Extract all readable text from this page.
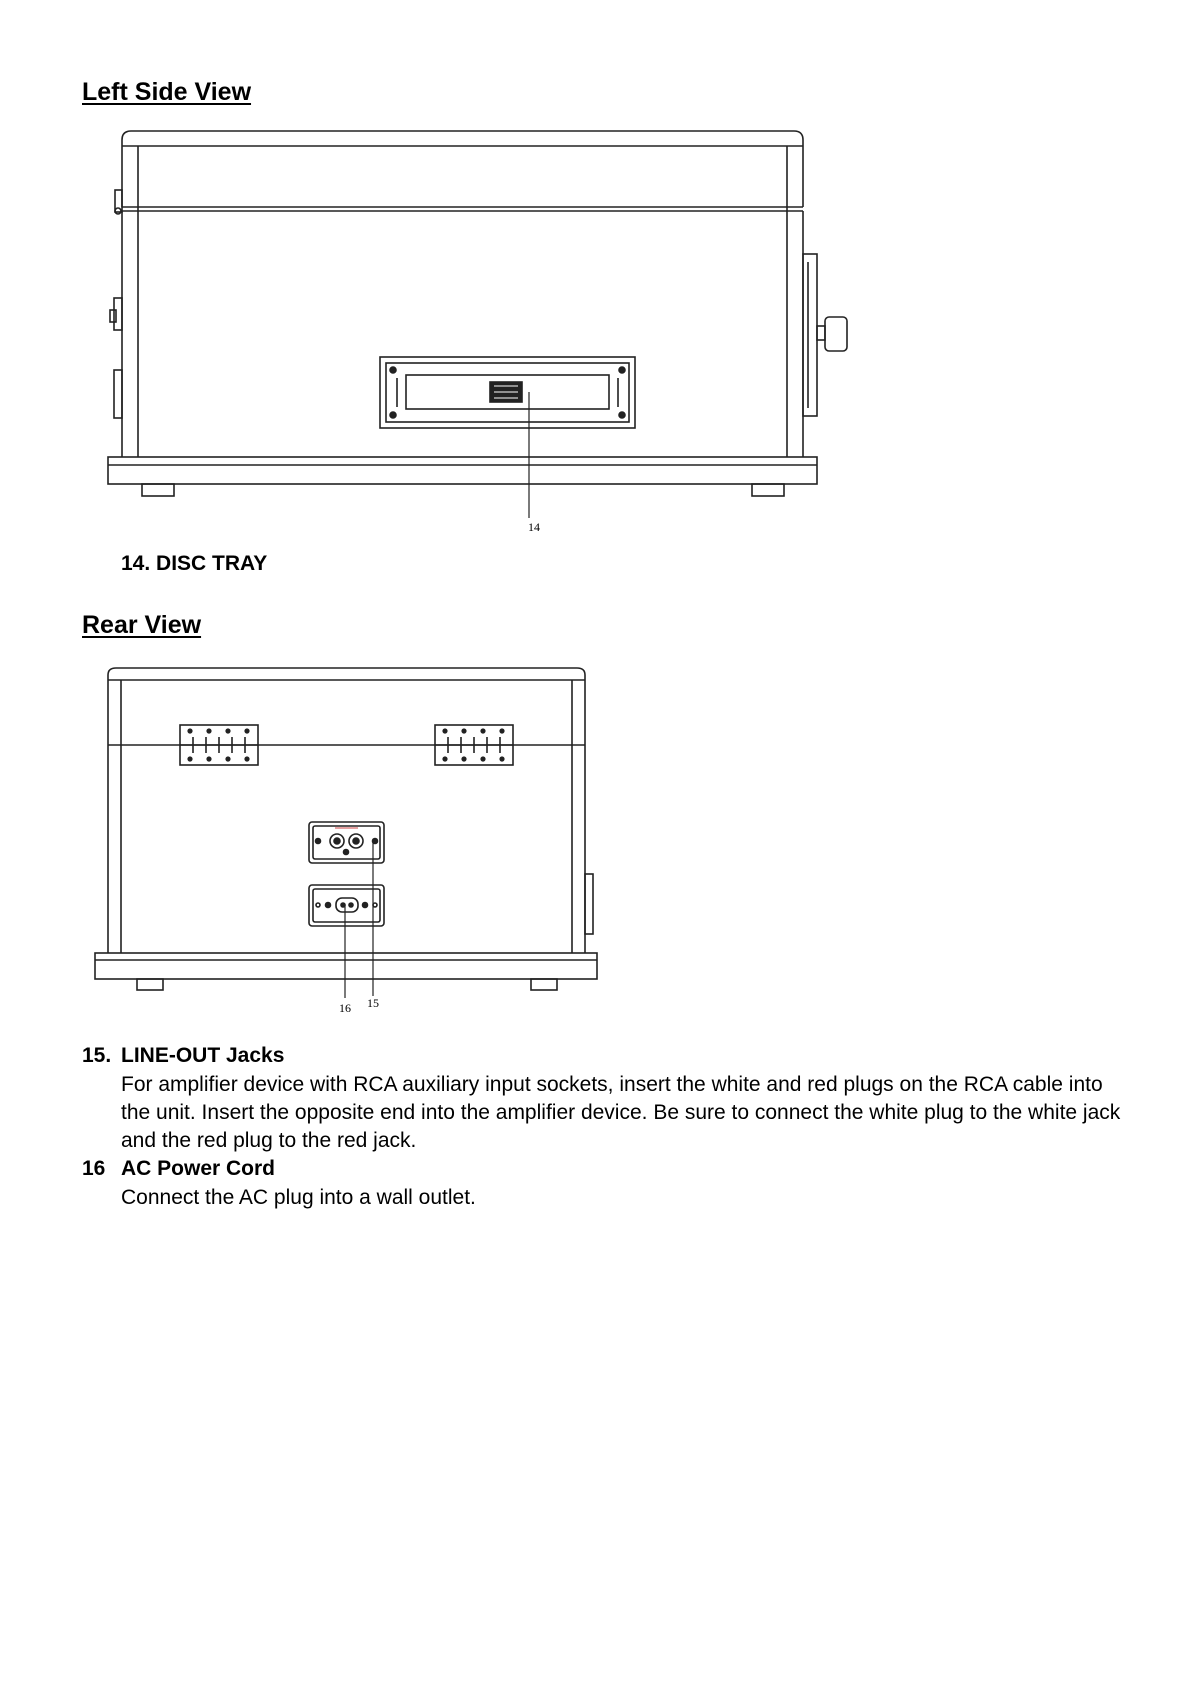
Left Side View
14
14. DISC TRAY
Rear View
16 15
15. LINE-OUT Jacks
For amplifier device with RCA auxiliary input sockets, insert the white and red plugs on the RCA cable into the unit. Insert the opposite end into the amplifier device. Be sure to connect the white plug to the white jack and the red plug to the red jack.
16 AC Power Cord
Connect the AC plug into a wall outlet.
